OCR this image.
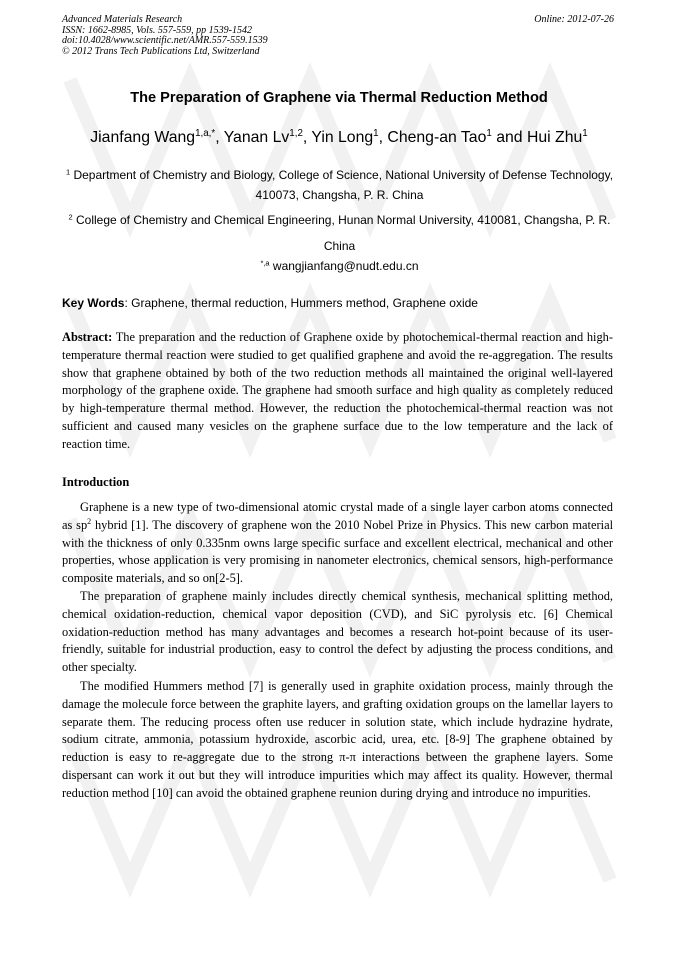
Advanced Materials Research
ISSN: 1662-8985, Vols. 557-559, pp 1539-1542
doi:10.4028/www.scientific.net/AMR.557-559.1539
© 2012 Trans Tech Publications Ltd, Switzerland
Online: 2012-07-26
The Preparation of Graphene via Thermal Reduction Method
Jianfang Wang$^{1,a,*}$, Yanan Lv$^{1,2}$, Yin Long$^1$, Cheng-an Tao$^1$ and Hui Zhu$^1$
$^1$ Department of Chemistry and Biology, College of Science, National University of Defense Technology, 410073, Changsha, P. R. China
$^2$ College of Chemistry and Chemical Engineering, Hunan Normal University, 410081, Changsha, P. R. China
$^{*,a}$ wangjianfang@nudt.edu.cn
Key Words: Graphene, thermal reduction, Hummers method, Graphene oxide
Abstract: The preparation and the reduction of Graphene oxide by photochemical-thermal reaction and high-temperature thermal reaction were studied to get qualified graphene and avoid the re-aggregation. The results show that graphene obtained by both of the two reduction methods all maintained the original well-layered morphology of the graphene oxide. The graphene had smooth surface and high quality as completely reduced by high-temperature thermal method. However, the reduction the photochemical-thermal reaction was not sufficient and caused many vesicles on the graphene surface due to the low temperature and the lack of reaction time.
Introduction
Graphene is a new type of two-dimensional atomic crystal made of a single layer carbon atoms connected as $sp^2$ hybrid [1]. The discovery of graphene won the 2010 Nobel Prize in Physics. This new carbon material with the thickness of only 0.335nm owns large specific surface and excellent electrical, mechanical and other properties, whose application is very promising in nanometer electronics, chemical sensors, high-performance composite materials, and so on[2-5].
The preparation of graphene mainly includes directly chemical synthesis, mechanical splitting method, chemical oxidation-reduction, chemical vapor deposition (CVD), and SiC pyrolysis etc. [6] Chemical oxidation-reduction method has many advantages and becomes a research hot-point because of its user-friendly, suitable for industrial production, easy to control the defect by adjusting the process conditions, and other specialty.
The modified Hummers method [7] is generally used in graphite oxidation process, mainly through the damage the molecule force between the graphite layers, and grafting oxidation groups on the lamellar layers to separate them. The reducing process often use reducer in solution state, which include hydrazine hydrate, sodium citrate, ammonia, potassium hydroxide, ascorbic acid, urea, etc. [8-9] The graphene obtained by reduction is easy to re-aggregate due to the strong π-π interactions between the graphene layers. Some dispersant can work it out but they will introduce impurities which may affect its quality. However, thermal reduction method [10] can avoid the obtained graphene reunion during drying and introduce no impurities.
